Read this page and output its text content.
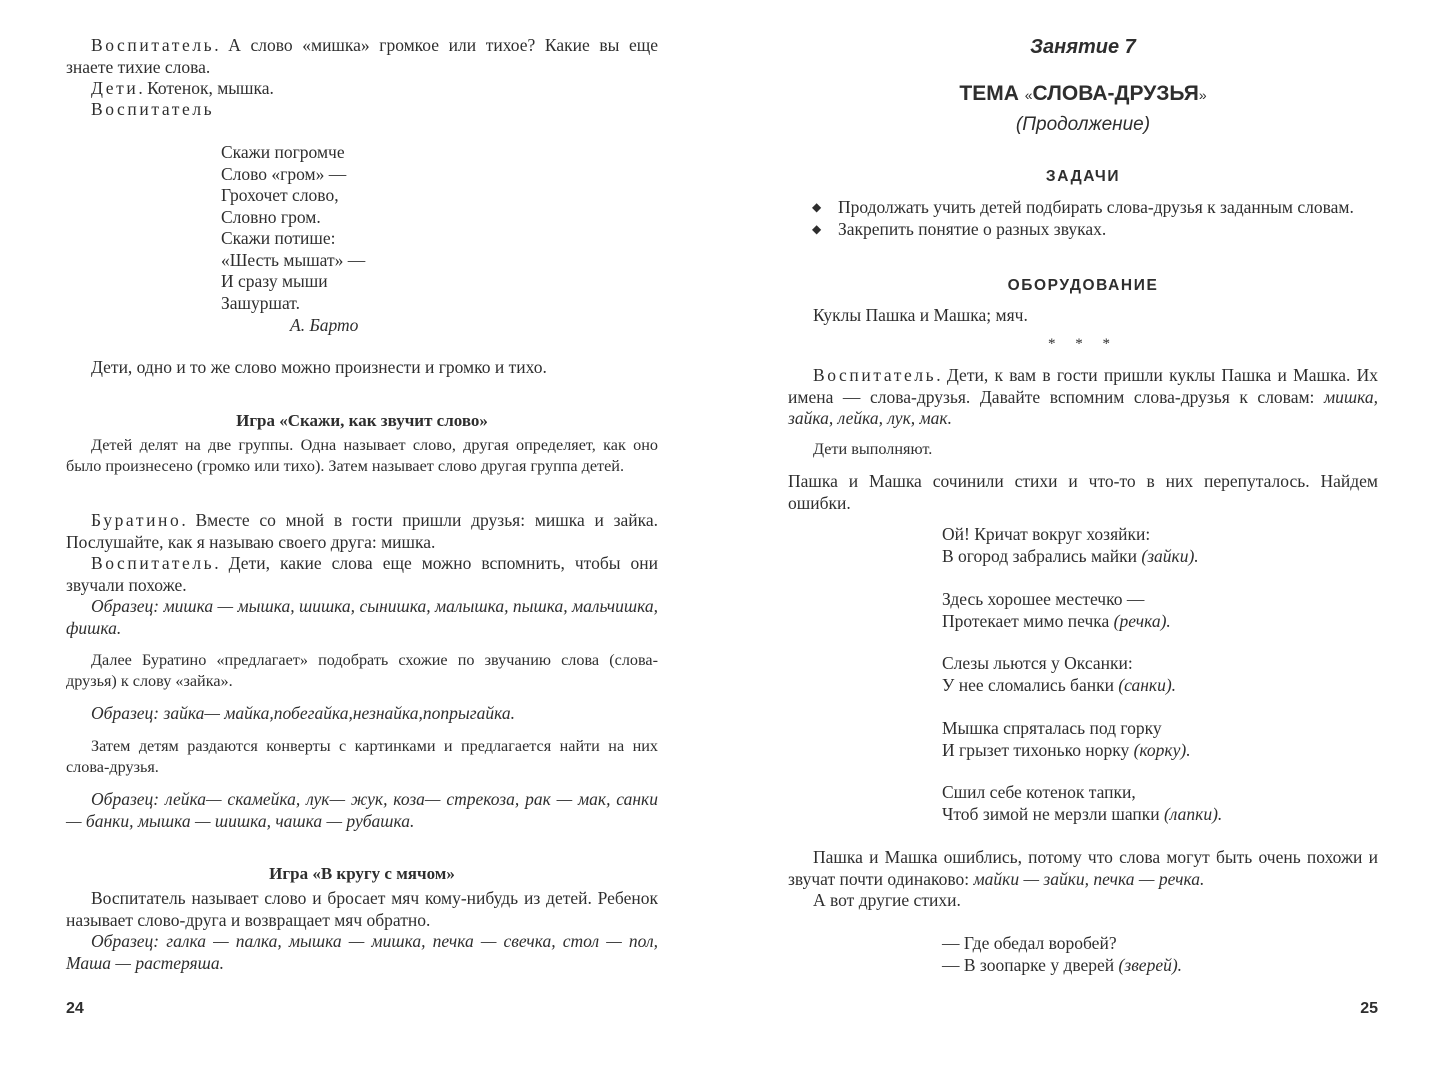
Воспитатель. А слово «мишка» громкое или тихое? Какие вы еще знаете тихие слова.

Дети. Котенок, мышка.

Воспитатель

Скажи погромче
Слово «гром» —
Грохочет слово,
Словно гром.
Скажи потише:
«Шесть мышат» —
И сразу мыши
Зашуршат.
А. Барто

Дети, одно и то же слово можно произнести и громко и тихо.

Игра «Скажи, как звучит слово»

Детей делят на две группы. Одна называет слово, другая определяет, как оно было произнесено (громко или тихо). Затем называет слово другая группа детей.

Буратино. Вместе со мной в гости пришли друзья: мишка и зайка. Послушайте, как я называю своего друга: мишка.

Воспитатель. Дети, какие слова еще можно вспомнить, чтобы они звучали похоже.

Образец: мишка — мышка, шишка, сынишка, малышка, пышка, мальчишка, фишка.

Далее Буратино «предлагает» подобрать схожие по звучанию слова (слова-друзья) к слову «зайка».

Образец: зайка— майка,побегайка,незнайка,попрыгайка.

Затем детям раздаются конверты с картинками и предлагается найти на них слова-друзья.

Образец: лейка— скамейка, лук— жук, коза— стрекоза, рак — мак, санки — банки, мышка — шишка, чашка — рубашка.

Игра «В кругу с мячом»

Воспитатель называет слово и бросает мяч кому-нибудь из детей. Ребенок называет слово-друга и возвращает мяч обратно.

Образец: галка — палка, мышка — мишка, печка — свечка, стол — пол, Маша — растеряша.

24
Занятие 7
ТЕМА «СЛОВА-ДРУЗЬЯ»
(Продолжение)
ЗАДАЧИ
◆ Продолжать учить детей подбирать слова-друзья к заданным словам.
◆ Закрепить понятие о разных звуках.
ОБОРУДОВАНИЕ

Куклы Пашка и Машка; мяч.

* * *

Воспитатель. Дети, к вам в гости пришли куклы Пашка и Машка. Их имена — слова-друзья. Давайте вспомним слова-друзья к словам: мишка, зайка, лейка, лук, мак.

Дети выполняют.

Пашка и Машка сочинили стихи и что-то в них перепуталось. Найдем ошибки.

Ой! Кричат вокруг хозяйки:
В огород забрались майки (зайки).
Здесь хорошее местечко —
Протекает мимо печка (речка).
Слезы льются у Оксанки:
У нее сломались банки (санки).
Мышка спряталась под горку
И грызет тихонько норку (корку).
Сшил себе котенок тапки,
Чтоб зимой не мерзли шапки (лапки).

Пашка и Машка ошиблись, потому что слова могут быть очень похожи и звучат почти одинаково: майки — зайки, печка — речка.

А вот другие стихи.

— Где обедал воробей?
— В зоопарке у дверей (зверей).
25
